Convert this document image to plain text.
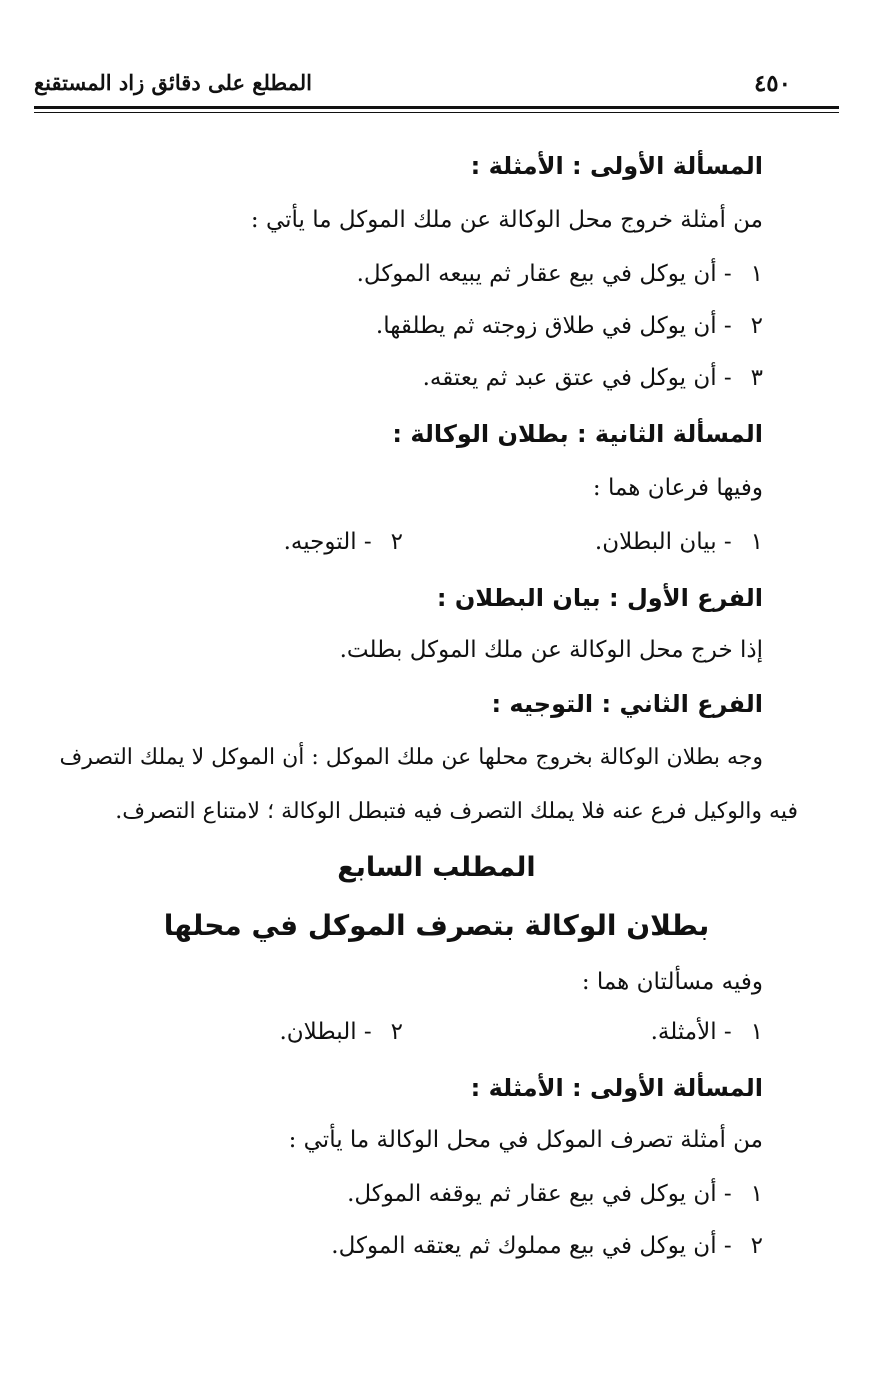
٤٥٠
المطلع على دقائق زاد المستقنع
المسألة الأولى : الأمثلة :
من أمثلة خروج محل الوكالة عن ملك الموكل ما يأتي :
١ - أن يوكل في بيع عقار ثم يبيعه الموكل.
٢ - أن يوكل في طلاق زوجته ثم يطلقها.
٣ - أن يوكل في عتق عبد ثم يعتقه.
المسألة الثانية : بطلان الوكالة :
وفيها فرعان هما :
١ - بيان البطلان.
٢ - التوجيه.
الفرع الأول : بيان البطلان :
إذا خرج محل الوكالة عن ملك الموكل بطلت.
الفرع الثاني : التوجيه :
وجه بطلان الوكالة بخروج محلها عن ملك الموكل : أن الموكل لا يملك التصرف
فيه والوكيل فرع عنه فلا يملك التصرف فيه فتبطل الوكالة ؛ لامتناع التصرف.
المطلب السابع
بطلان الوكالة بتصرف الموكل في محلها
وفيه مسألتان هما :
١ - الأمثلة.
٢ - البطلان.
المسألة الأولى : الأمثلة :
من أمثلة تصرف الموكل في محل الوكالة ما يأتي :
١ - أن يوكل في بيع عقار ثم يوقفه الموكل.
٢ - أن يوكل في بيع مملوك ثم يعتقه الموكل.
